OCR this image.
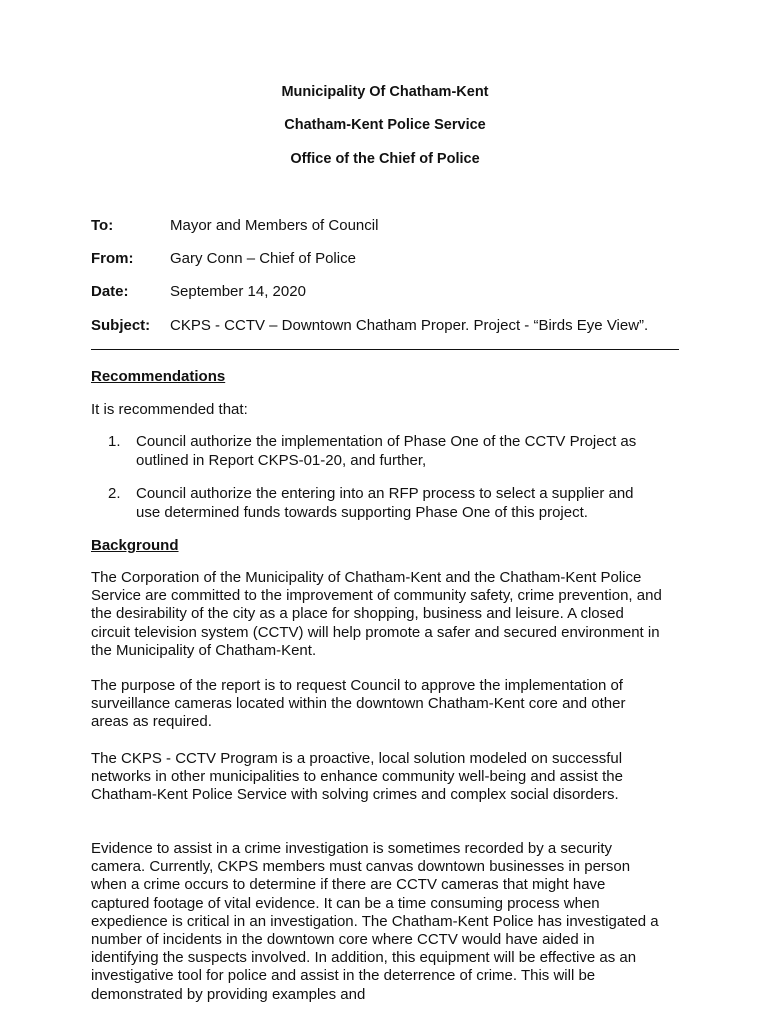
Municipality Of Chatham-Kent
Chatham-Kent Police Service
Office of the Chief of Police
To:	Mayor and Members of Council
From: Gary Conn – Chief of Police
Date:	September 14, 2020
Subject: CKPS - CCTV – Downtown Chatham Proper. Project - “Birds Eye View”.
Recommendations
It is recommended that:
1. Council authorize the implementation of Phase One of the CCTV Project as outlined in Report CKPS-01-20, and further,
2. Council authorize the entering into an RFP process to select a supplier and use determined funds towards supporting Phase One of this project.
Background
The Corporation of the Municipality of Chatham-Kent and the Chatham-Kent Police Service are committed to the improvement of community safety, crime prevention, and the desirability of the city as a place for shopping, business and leisure. A closed circuit television system (CCTV) will help promote a safer and secured environment in the Municipality of Chatham-Kent.
The purpose of the report is to request Council to approve the implementation of surveillance cameras located within the downtown Chatham-Kent core and other areas as required.
The CKPS - CCTV Program is a proactive, local solution modeled on successful networks in other municipalities to enhance community well-being and assist the Chatham-Kent Police Service with solving crimes and complex social disorders.
Evidence to assist in a crime investigation is sometimes recorded by a security camera. Currently, CKPS members must canvas downtown businesses in person when a crime occurs to determine if there are CCTV cameras that might have captured footage of vital evidence. It can be a time consuming process when expedience is critical in an investigation. The Chatham-Kent Police has investigated a number of incidents in the downtown core where CCTV would have aided in identifying the suspects involved. In addition, this equipment will be effective as an investigative tool for police and assist in the deterrence of crime. This will be demonstrated by providing examples and
